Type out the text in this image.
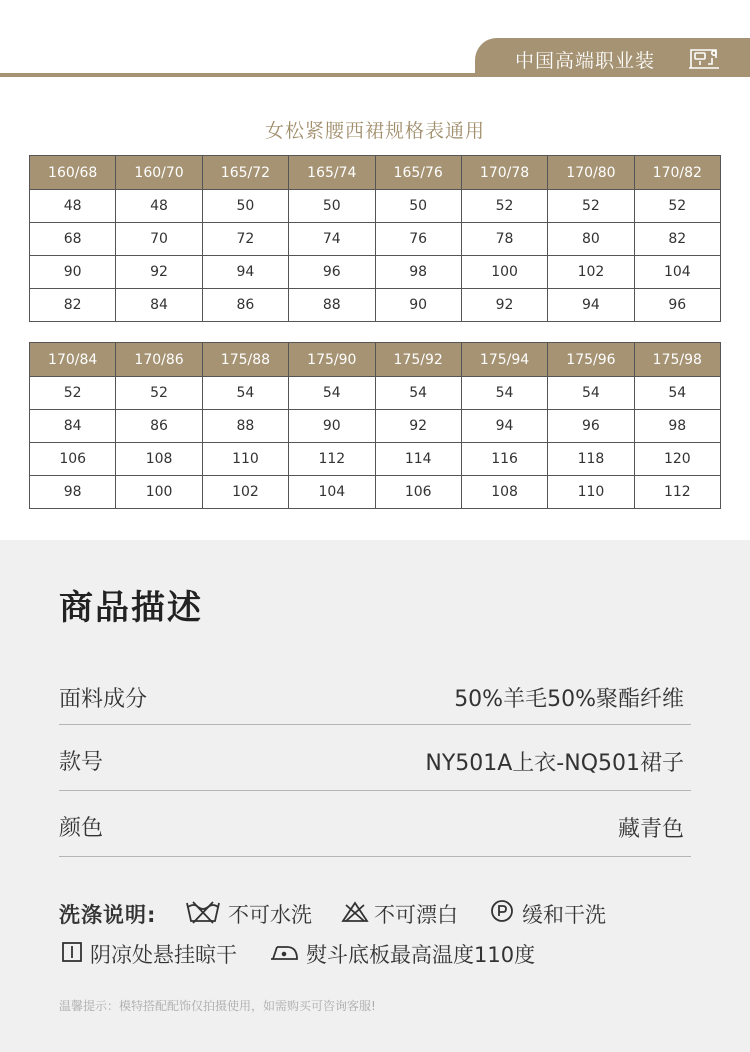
中国高端职业装
女松紧腰西裙规格表通用
160/68	160/70	165/72	165/74	165/76	170/78	170/80	170/82
48	48	50	50	50	52	52	52
68	70	72	74	76	78	80	82
90	92	94	96	98	100	102	104
82	84	86	88	90	92	94	96
170/84	170/86	175/88	175/90	175/92	175/94	175/96	175/98
52	52	54	54	54	54	54	54
84	86	88	90	92	94	96	98
106	108	110	112	114	116	118	120
98	100	102	104	106	108	110	112
商品描述
面料成分	50%羊毛50%聚酯纤维
款号	NY501A上衣-NQ501裙子
颜色	藏青色
洗涤说明:	不可水洗	不可漂白	缓和干洗
阴凉处悬挂晾干	熨斗底板最高温度110度
温馨提示：模特搭配配饰仅拍摄使用，如需购买可咨询客服!
